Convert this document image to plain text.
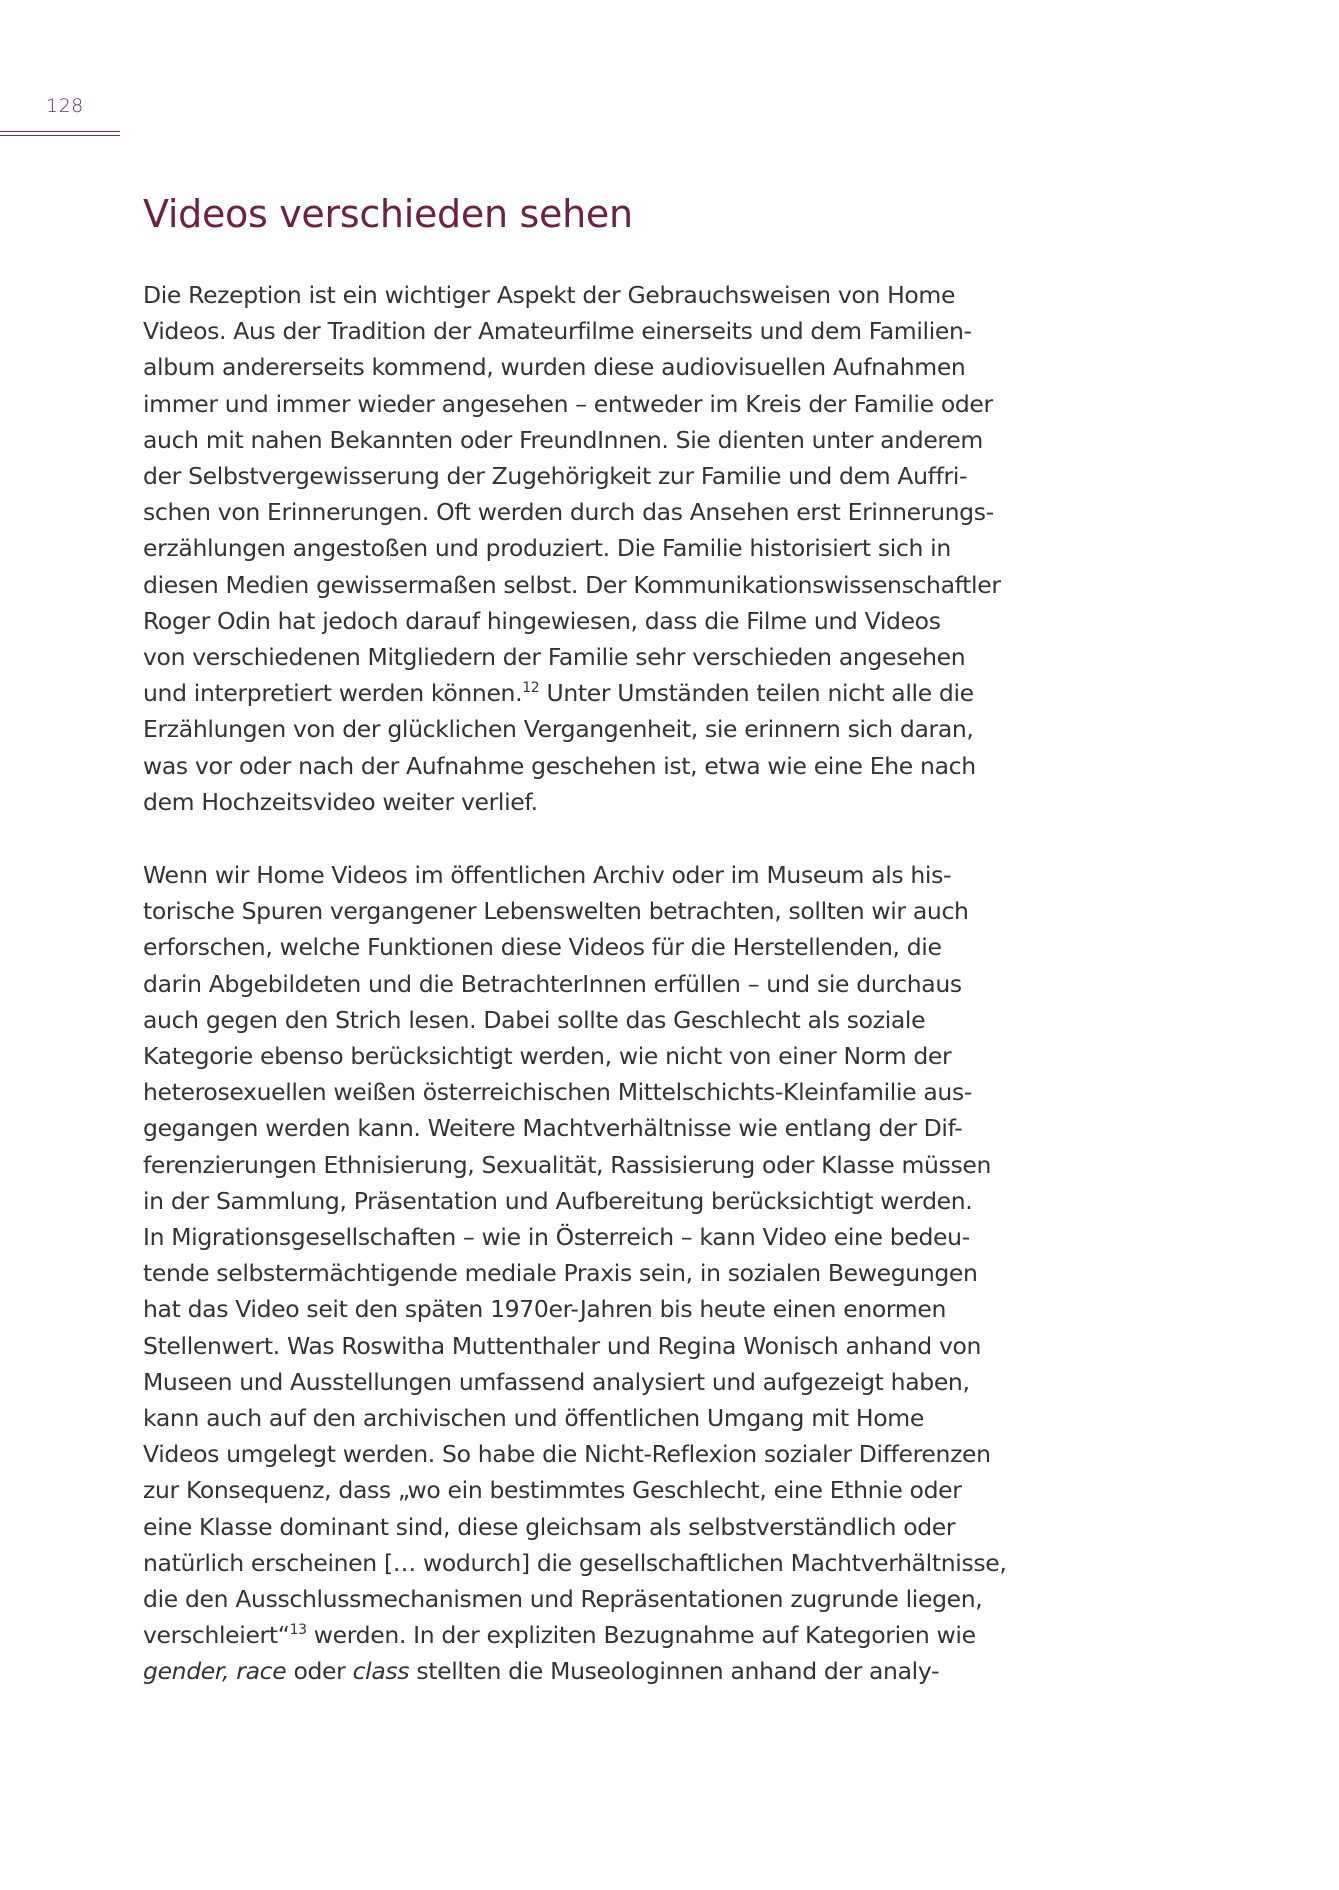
128
Videos verschieden sehen
Die Rezeption ist ein wichtiger Aspekt der Gebrauchsweisen von Home
Videos. Aus der Tradition der Amateurfilme einerseits und dem Familien-
album andererseits kommend, wurden diese audiovisuellen Aufnahmen
immer und immer wieder angesehen – entweder im Kreis der Familie oder
auch mit nahen Bekannten oder FreundInnen. Sie dienten unter anderem
der Selbstvergewisserung der Zugehörigkeit zur Familie und dem Auffri-
schen von Erinnerungen. Oft werden durch das Ansehen erst Erinnerungs-
erzählungen angestoßen und produziert. Die Familie historisiert sich in
diesen Medien gewissermaßen selbst. Der Kommunikationswissenschaftler
Roger Odin hat jedoch darauf hingewiesen, dass die Filme und Videos
von verschiedenen Mitgliedern der Familie sehr verschieden angesehen
und interpretiert werden können.$^{12}$ Unter Umständen teilen nicht alle die
Erzählungen von der glücklichen Vergangenheit, sie erinnern sich daran,
was vor oder nach der Aufnahme geschehen ist, etwa wie eine Ehe nach
dem Hochzeitsvideo weiter verlief.
Wenn wir Home Videos im öffentlichen Archiv oder im Museum als his-
torische Spuren vergangener Lebenswelten betrachten, sollten wir auch
erforschen, welche Funktionen diese Videos für die Herstellenden, die
darin Abgebildeten und die BetrachterInnen erfüllen – und sie durchaus
auch gegen den Strich lesen. Dabei sollte das Geschlecht als soziale
Kategorie ebenso berücksichtigt werden, wie nicht von einer Norm der
heterosexuellen weißen österreichischen Mittelschichts-Kleinfamilie aus-
gegangen werden kann. Weitere Machtverhältnisse wie entlang der Dif-
ferenzierungen Ethnisierung, Sexualität, Rassisierung oder Klasse müssen
in der Sammlung, Präsentation und Aufbereitung berücksichtigt werden.
In Migrationsgesellschaften – wie in Österreich – kann Video eine bedeu-
tende selbstermächtigende mediale Praxis sein, in sozialen Bewegungen
hat das Video seit den späten 1970er-Jahren bis heute einen enormen
Stellenwert. Was Roswitha Muttenthaler und Regina Wonisch anhand von
Museen und Ausstellungen umfassend analysiert und aufgezeigt haben,
kann auch auf den archivischen und öffentlichen Umgang mit Home
Videos umgelegt werden. So habe die Nicht-Reflexion sozialer Differenzen
zur Konsequenz, dass „wo ein bestimmtes Geschlecht, eine Ethnie oder
eine Klasse dominant sind, diese gleichsam als selbstverständlich oder
natürlich erscheinen [… wodurch] die gesellschaftlichen Machtverhältnisse,
die den Ausschlussmechanismen und Repräsentationen zugrunde liegen,
verschleiert“$^{13}$ werden. In der expliziten Bezugnahme auf Kategorien wie
gender, race oder class stellten die Museologinnen anhand der analy-
